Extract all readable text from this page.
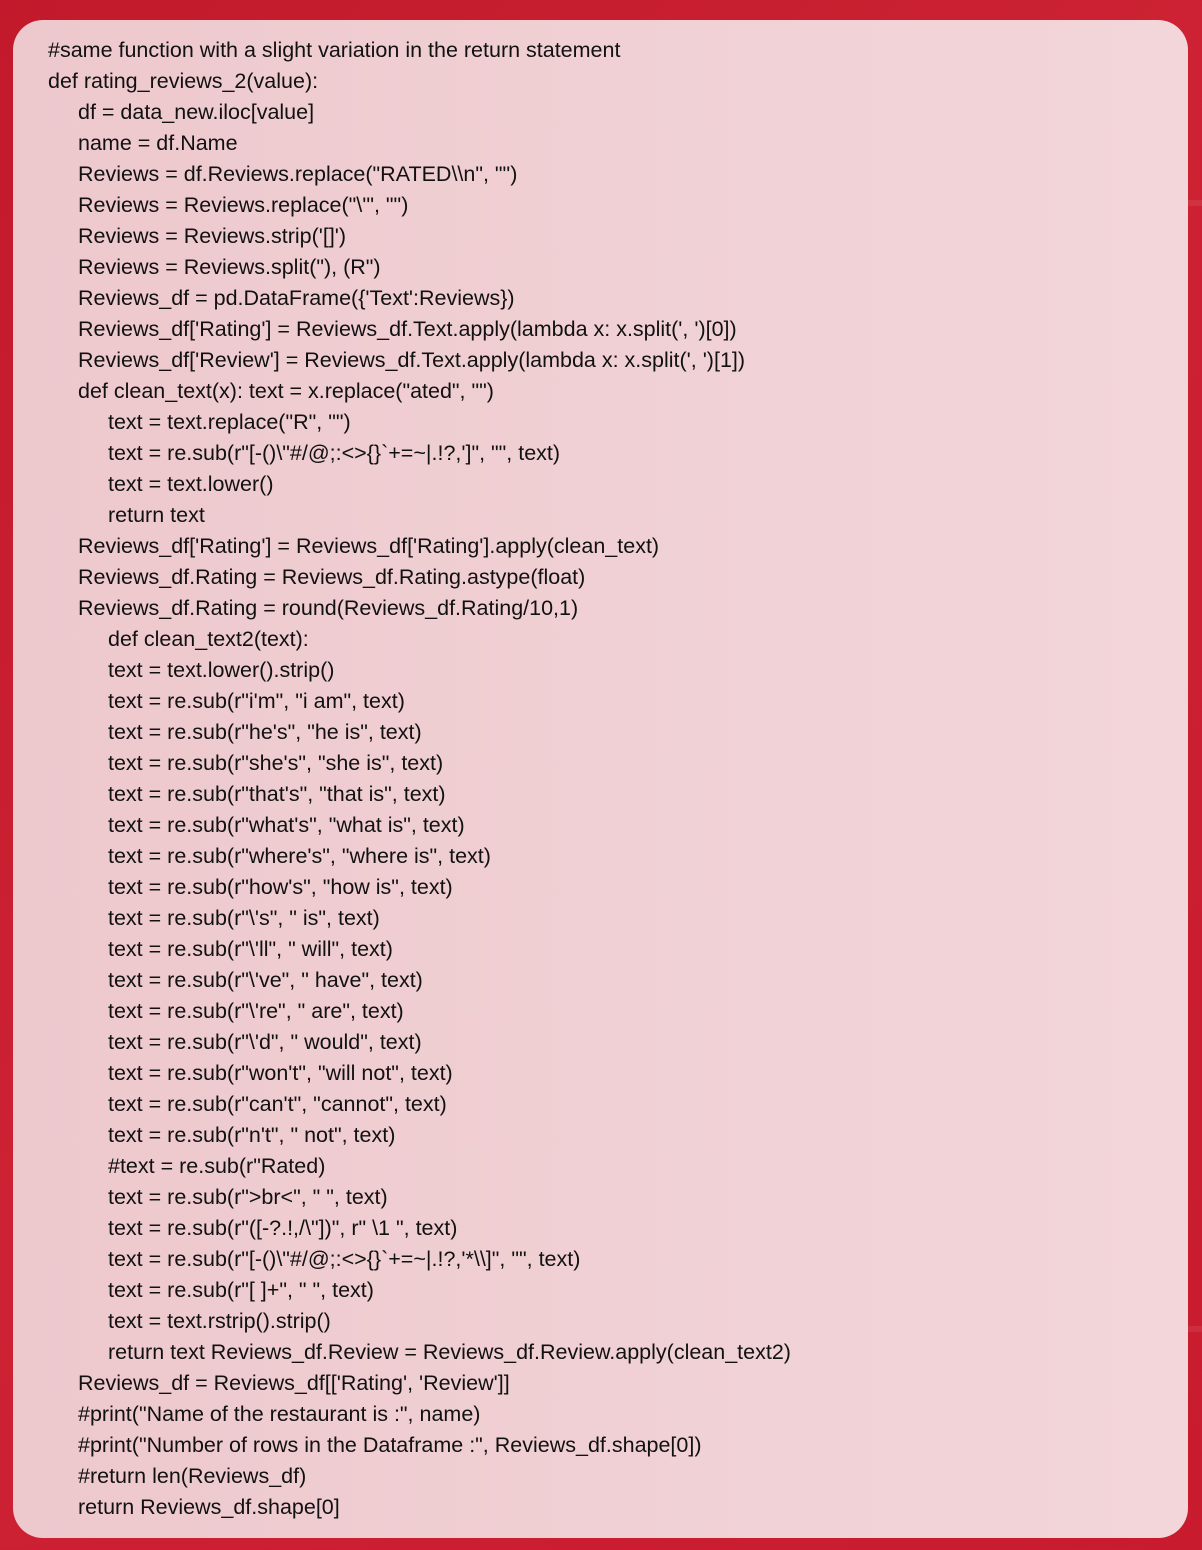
#same function with a slight variation in the return statement
def rating_reviews_2(value):
df = data_new.iloc[value]
name = df.Name
Reviews = df.Reviews.replace("RATED\\n", "")
Reviews = Reviews.replace("\'", "")
Reviews = Reviews.strip('[]')
Reviews = Reviews.split("), (R")
Reviews_df = pd.DataFrame({'Text':Reviews})
Reviews_df['Rating'] = Reviews_df.Text.apply(lambda x: x.split(', ')[0])
Reviews_df['Review'] = Reviews_df.Text.apply(lambda x: x.split(', ')[1])
def clean_text(x): text = x.replace("ated", "")
text = text.replace("R", "")
text = re.sub(r"[-()\"#/@;:<>{}`+=~|.!?,']", "", text)
text = text.lower()
return text
Reviews_df['Rating'] = Reviews_df['Rating'].apply(clean_text)
Reviews_df.Rating = Reviews_df.Rating.astype(float)
Reviews_df.Rating = round(Reviews_df.Rating/10,1)
def clean_text2(text):
text = text.lower().strip()
text = re.sub(r"i'm", "i am", text)
text = re.sub(r"he's", "he is", text)
text = re.sub(r"she's", "she is", text)
text = re.sub(r"that's", "that is", text)
text = re.sub(r"what's", "what is", text)
text = re.sub(r"where's", "where is", text)
text = re.sub(r"how's", "how is", text)
text = re.sub(r"\'s", " is", text)
text = re.sub(r"\'ll", " will", text)
text = re.sub(r"\'ve", " have", text)
text = re.sub(r"\'re", " are", text)
text = re.sub(r"\'d", " would", text)
text = re.sub(r"won't", "will not", text)
text = re.sub(r"can't", "cannot", text)
text = re.sub(r"n't", " not", text)
#text = re.sub(r"Rated)
text = re.sub(r">br<", " ", text)
text = re.sub(r"([-?.!,/\"])", r" \1 ", text)
text = re.sub(r"[-()\"#/@;:<>{}`+=~|.!?,'*\\]", "", text)
text = re.sub(r"[ ]+", " ", text)
text = text.rstrip().strip()
return text Reviews_df.Review = Reviews_df.Review.apply(clean_text2)
Reviews_df = Reviews_df[['Rating', 'Review']]
#print("Name of the restaurant is :", name)
#print("Number of rows in the Dataframe :", Reviews_df.shape[0])
#return len(Reviews_df)
return Reviews_df.shape[0]
